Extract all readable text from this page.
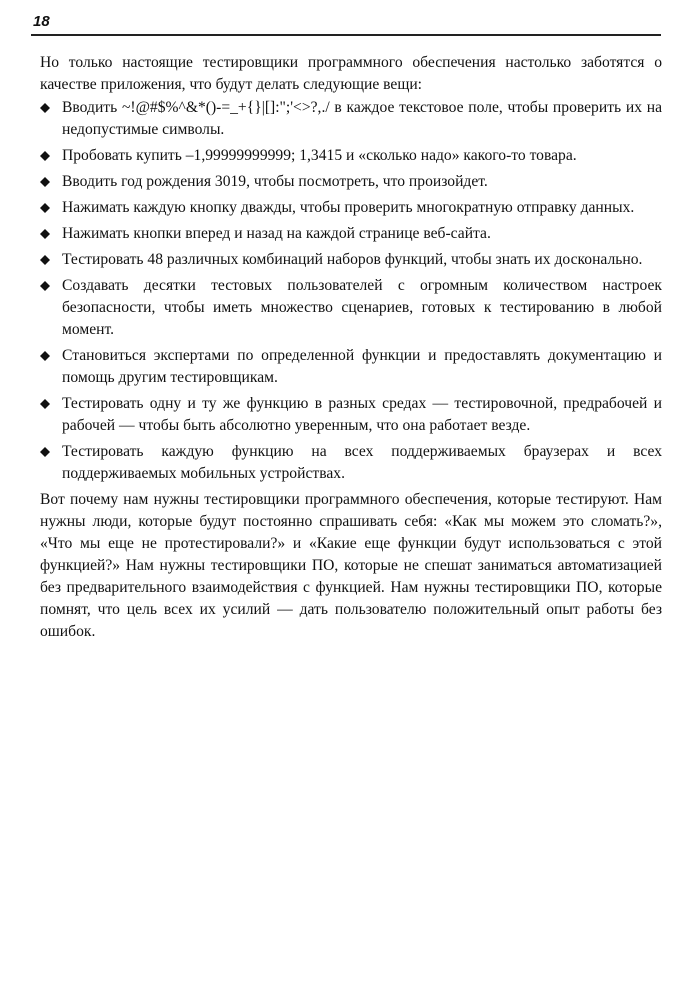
18

Но только настоящие тестировщики программного обеспечения настолько заботятся о качестве приложения, что будут делать следующие вещи:

Вводить ~!@#$%^&*()-=_+{}|[]:";'<>?,./ в каждое текстовое поле, чтобы проверить их на недопустимые символы.
Пробовать купить –1,99999999999; 1,3415 и «сколько надо» какого-то товара.
Вводить год рождения 3019, чтобы посмотреть, что произойдет.
Нажимать каждую кнопку дважды, чтобы проверить многократную отправку данных.
Нажимать кнопки вперед и назад на каждой странице веб-сайта.
Тестировать 48 различных комбинаций наборов функций, чтобы знать их досконально.
Создавать десятки тестовых пользователей с огромным количеством настроек безопасности, чтобы иметь множество сценариев, готовых к тестированию в любой момент.
Становиться экспертами по определенной функции и предоставлять документацию и помощь другим тестировщикам.
Тестировать одну и ту же функцию в разных средах — тестировочной, предрабочей и рабочей — чтобы быть абсолютно уверенным, что она работает везде.
Тестировать каждую функцию на всех поддерживаемых браузерах и всех поддерживаемых мобильных устройствах.

Вот почему нам нужны тестировщики программного обеспечения, которые тестируют. Нам нужны люди, которые будут постоянно спрашивать себя: «Как мы можем это сломать?», «Что мы еще не протестировали?» и «Какие еще функции будут использоваться с этой функцией?» Нам нужны тестировщики ПО, которые не спешат заниматься автоматизацией без предварительного взаимодействия с функцией. Нам нужны тестировщики ПО, которые помнят, что цель всех их усилий — дать пользователю положительный опыт работы без ошибок.
